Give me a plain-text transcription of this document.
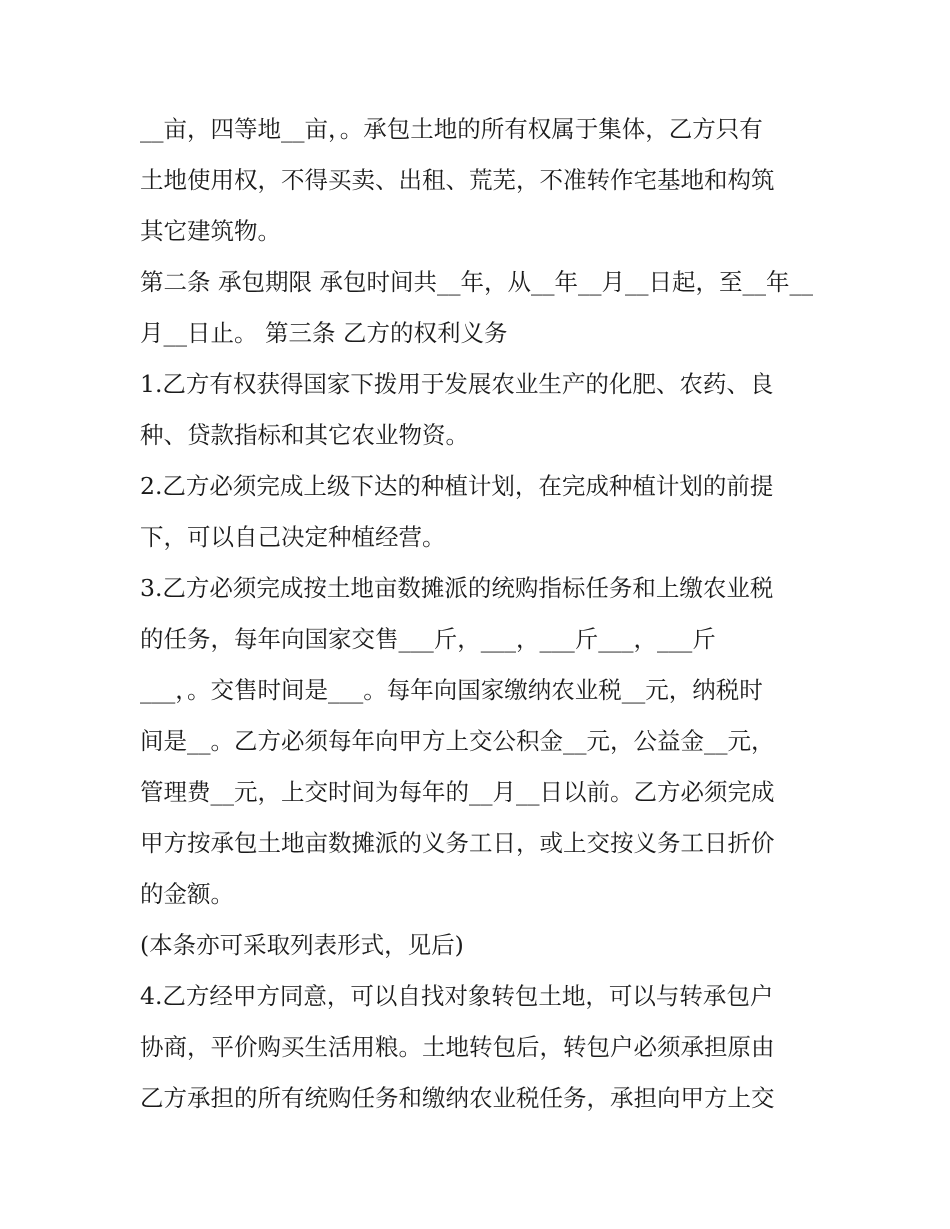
__亩，四等地__亩，。承包土地的所有权属于集体，乙方只有
土地使用权，不得买卖、出租、荒芜，不准转作宅基地和构筑
其它建筑物。
第二条 承包期限 承包时间共__年，从__年__月__日起，至__年__
月__日止。 第三条 乙方的权利义务
1.乙方有权获得国家下拨用于发展农业生产的化肥、农药、良
种、贷款指标和其它农业物资。
2.乙方必须完成上级下达的种植计划，在完成种植计划的前提
下，可以自己决定种植经营。
3.乙方必须完成按土地亩数摊派的统购指标任务和上缴农业税
的任务，每年向国家交售___斤，___，___斤___，___斤
___，。交售时间是___。每年向国家缴纳农业税__元，纳税时
间是__。乙方必须每年向甲方上交公积金__元，公益金__元，
管理费__元，上交时间为每年的__月__日以前。乙方必须完成
甲方按承包土地亩数摊派的义务工日，或上交按义务工日折价
的金额。
(本条亦可采取列表形式，见后)
4.乙方经甲方同意，可以自找对象转包土地，可以与转承包户
协商，平价购买生活用粮。土地转包后，转包户必须承担原由
乙方承担的所有统购任务和缴纳农业税任务，承担向甲方上交
